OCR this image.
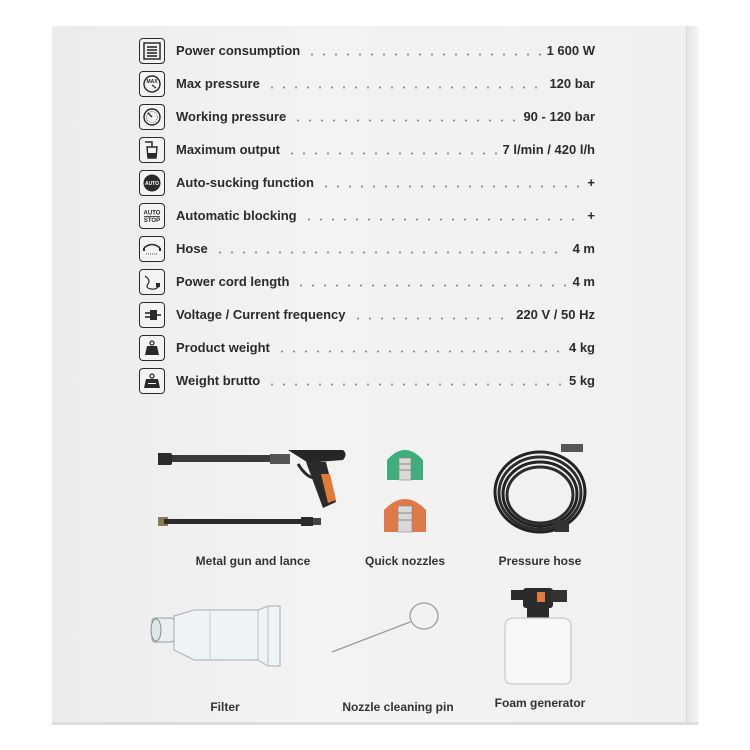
Power consumption	1 600 W
MAX Max pressure	120 bar
Working pressure	90 - 120 bar
Maximum output	7 l/min / 420 l/h
AUTO Auto-sucking function	+
AUTO
STOP Automatic blocking	+
Hose	4 m
Power cord length	4 m
Voltage / Current frequency	220 V / 50 Hz
Product weight	4 kg
Weight brutto	5 kg
Metal gun and lance	Quick nozzles	Pressure hose
Filter	Nozzle cleaning pin	Foam generator
